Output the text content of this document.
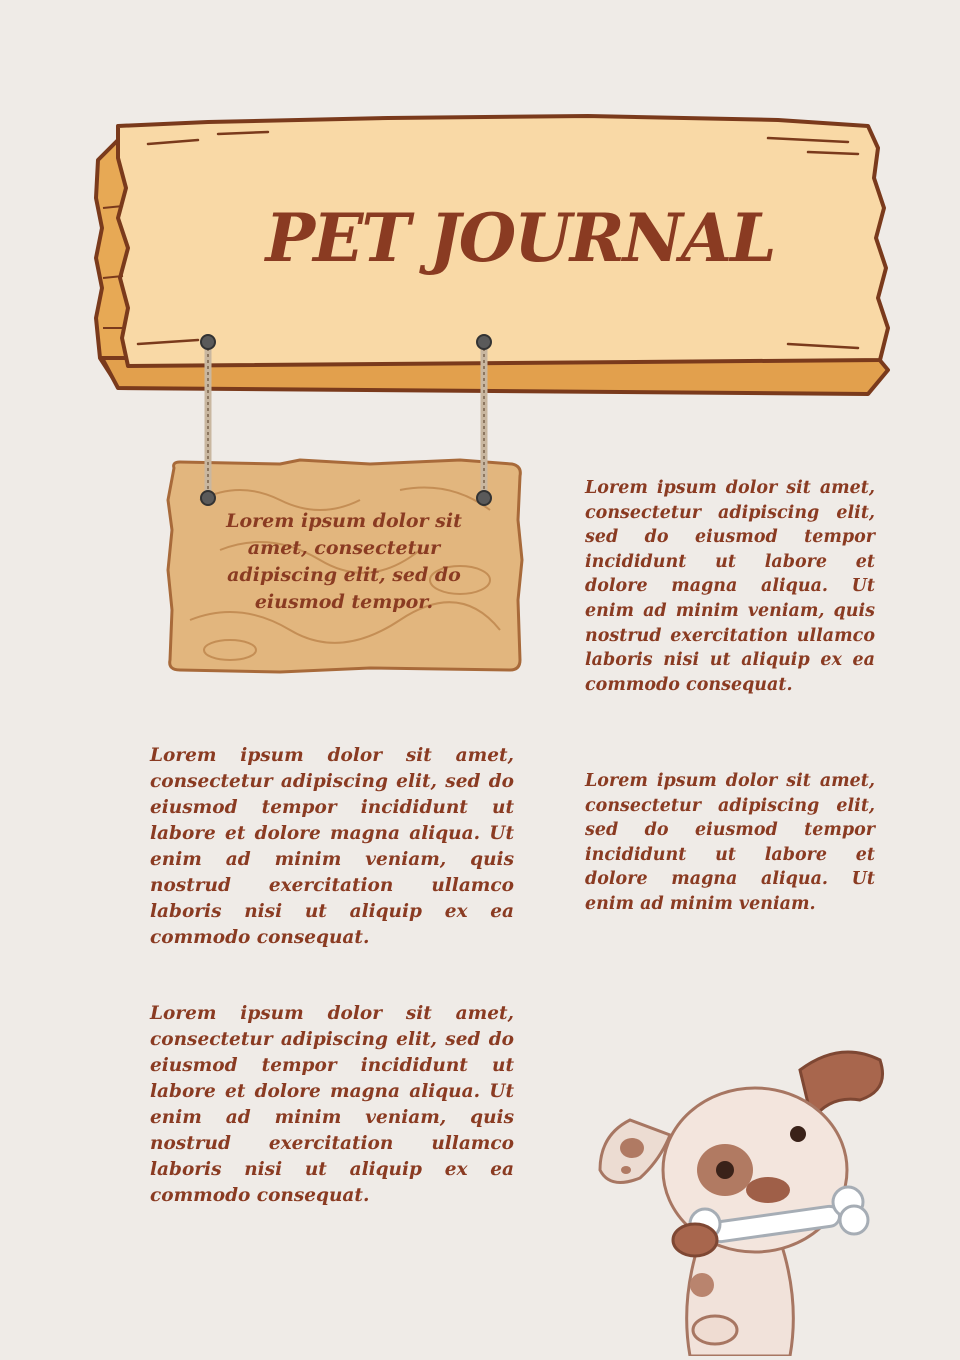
PET JOURNAL

Lorem ipsum dolor sit amet, consectetur adipiscing elit, sed do eiusmod tempor.

Lorem ipsum dolor sit amet, consectetur adipiscing elit, sed do eiusmod tempor incididunt ut labore et dolore magna aliqua. Ut enim ad minim veniam, quis nostrud exercitation ullamco laboris nisi ut aliquip ex ea commodo consequat.

Lorem ipsum dolor sit amet, consectetur adipiscing elit, sed do eiusmod tempor incididunt ut labore et dolore magna aliqua. Ut enim ad minim veniam.

Lorem ipsum dolor sit amet, consectetur adipiscing elit, sed do eiusmod tempor incididunt ut labore et dolore magna aliqua. Ut enim ad minim veniam, quis nostrud exercitation ullamco laboris nisi ut aliquip ex ea commodo consequat.

Lorem ipsum dolor sit amet, consectetur adipiscing elit, sed do eiusmod tempor incididunt ut labore et dolore magna aliqua. Ut enim ad minim veniam, quis nostrud exercitation ullamco laboris nisi ut aliquip ex ea commodo consequat.
